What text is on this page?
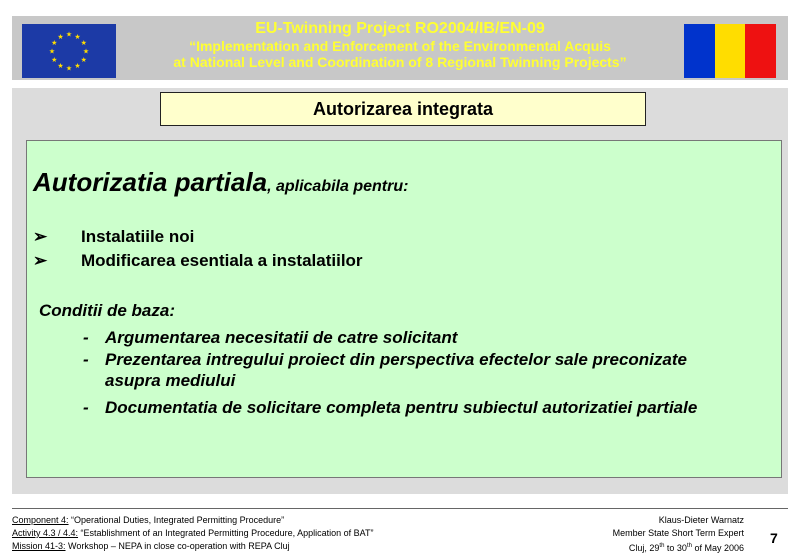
★ ★
★
★
★
★
★
★
★
★
★
★
EU-Twinning Project RO2004/IB/EN-09
“Implementation and Enforcement of the Environmental Acquis
at National Level and Coordination of 8 Regional Twinning Projects”
Autorizarea integrata
Autorizatia partiala, aplicabila pentru:
➢ Instalatiile noi
➢ Modificarea esentiala a instalatiilor
Conditii de baza:
- Argumentarea necesitatii de catre solicitant
- Prezentarea intregului proiect din perspectiva efectelor sale preconizate asupra mediului
- Documentatia de solicitare completa pentru subiectul autorizatiei partiale
Component 4: “Operational Duties, Integrated Permitting Procedure”
Activity 4.3 / 4.4: “Establishment of an Integrated Permitting Procedure, Application of BAT”
Mission 41-3: Workshop – NEPA in close co-operation with REPA Cluj
Klaus-Dieter Warnatz
Member State Short Term Expert
Cluj, 29th to 30th of May 2006
7
